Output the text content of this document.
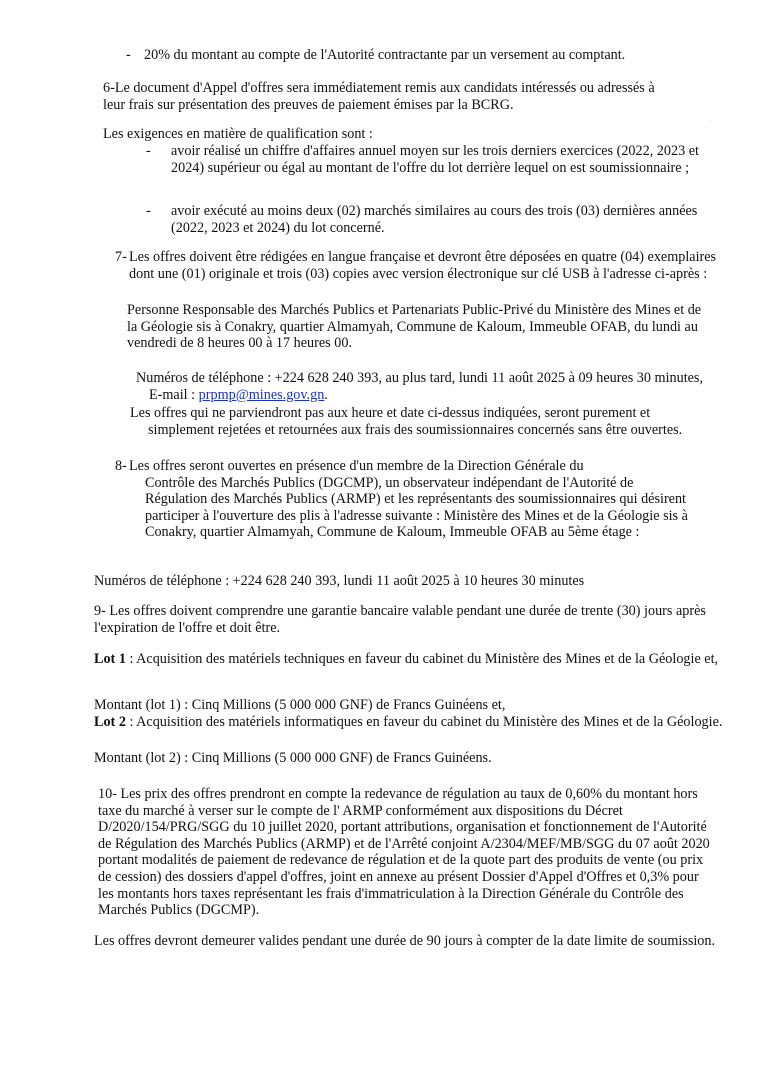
- 20% du montant au compte de l'Autorité contractante par un versement au comptant.

6-Le document d'Appel d'offres sera immédiatement remis aux candidats intéressés ou adressés à

leur frais sur présentation des preuves de paiement émises par la BCRG.

.

Les exigences en matière de qualification sont :

- avoir réalisé un chiffre d'affaires annuel moyen sur les trois derniers exercices (2022, 2023 et 2024) supérieur ou égal au montant de l'offre du lot derrière lequel on est soumissionnaire ;

- avoir exécuté au moins deux (02) marchés similaires au cours des trois (03) dernières années (2022, 2023 et 2024) du lot concerné.

7- Les offres doivent être rédigées en langue française et devront être déposées en quatre (04) exemplaires dont une (01) originale et trois (03) copies avec version électronique sur clé USB à l'adresse ci-après :

Personne Responsable des Marchés Publics et Partenariats Public-Privé du Ministère des Mines et de la Géologie sis à Conakry, quartier Almamyah, Commune de Kaloum, Immeuble OFAB, du lundi au vendredi de 8 heures 00 à 17 heures 00.

Numéros de téléphone : +224 628 240 393, au plus tard, lundi 11 août 2025 à 09 heures 30 minutes, E-mail : prpmp@mines.gov.gn.

Les offres qui ne parviendront pas aux heure et date ci-dessus indiquées, seront purement et simplement rejetées et retournées aux frais des soumissionnaires concernés sans être ouvertes.

8- Les offres seront ouvertes en présence d'un membre de la Direction Générale du

Contrôle des Marchés Publics (DGCMP), un observateur indépendant de l'Autorité de Régulation des Marchés Publics (ARMP) et les représentants des soumissionnaires qui désirent participer à l'ouverture des plis à l'adresse suivante : Ministère des Mines et de la Géologie sis à Conakry, quartier Almamyah, Commune de Kaloum, Immeuble OFAB au 5ème étage :

Numéros de téléphone : +224 628 240 393, lundi 11 août 2025 à 10 heures 30 minutes

9- Les offres doivent comprendre une garantie bancaire valable pendant une durée de trente (30) jours après l'expiration de l'offre et doit être.

Lot 1 : Acquisition des matériels techniques en faveur du cabinet du Ministère des Mines et de la Géologie et,

Montant (lot 1) : Cinq Millions (5 000 000 GNF) de Francs Guinéens et,

Lot 2 : Acquisition des matériels informatiques en faveur du cabinet du Ministère des Mines et de la Géologie.

Montant (lot 2) : Cinq Millions (5 000 000 GNF) de Francs Guinéens.

10- Les prix des offres prendront en compte la redevance de régulation au taux de 0,60% du montant hors taxe du marché à verser sur le compte de l' ARMP conformément aux dispositions du Décret D/2020/154/PRG/SGG du 10 juillet 2020, portant attributions, organisation et fonctionnement de l'Autorité de Régulation des Marchés Publics (ARMP) et de l'Arrêté conjoint A/2304/MEF/MB/SGG du 07 août 2020 portant modalités de paiement de redevance de régulation et de la quote part des produits de vente (ou prix de cession) des dossiers d'appel d'offres, joint en annexe au présent Dossier d'Appel d'Offres et 0,3% pour les montants hors taxes représentant les frais d'immatriculation à la Direction Générale du Contrôle des Marchés Publics (DGCMP).

Les offres devront demeurer valides pendant une durée de 90 jours à compter de la date limite de soumission.
